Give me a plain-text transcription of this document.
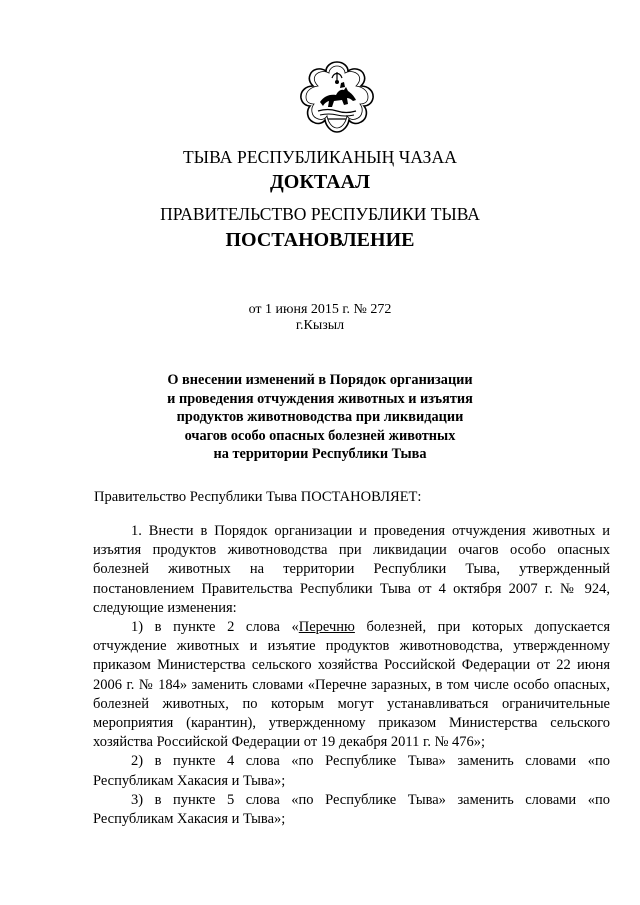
ТЫВА РЕСПУБЛИКАНЫҢ ЧАЗАА
ДОКТААЛ
ПРАВИТЕЛЬСТВО РЕСПУБЛИКИ ТЫВА
ПОСТАНОВЛЕНИЕ
от 1 июня 2015 г. № 272
г.Кызыл
О внесении изменений в Порядок организации
и проведения отчуждения животных и изъятия
продуктов животноводства при ликвидации
очагов особо опасных болезней животных
на территории Республики Тыва
Правительство Республики Тыва ПОСТАНОВЛЯЕТ:
1. Внести в Порядок организации и проведения отчуждения животных и изъятия продуктов животноводства при ликвидации очагов особо опасных болезней животных на территории Республики Тыва, утвержденный постановлением Правительства Республики Тыва от 4 октября 2007 г. № 924, следующие изменения:
1) в пункте 2 слова «Перечню болезней, при которых допускается отчуждение животных и изъятие продуктов животноводства, утвержденному приказом Министерства сельского хозяйства Российской Федерации от 22 июня 2006 г. № 184» заменить словами «Перечне заразных, в том числе особо опасных, болезней животных, по которым могут устанавливаться ограничительные мероприятия (карантин), утвержденному приказом Министерства сельского хозяйства Российской Федерации от 19 декабря 2011 г. № 476»;
2) в пункте 4 слова «по Республике Тыва» заменить словами «по Республикам Хакасия и Тыва»;
3) в пункте 5 слова «по Республике Тыва» заменить словами «по Республикам Хакасия и Тыва»;
